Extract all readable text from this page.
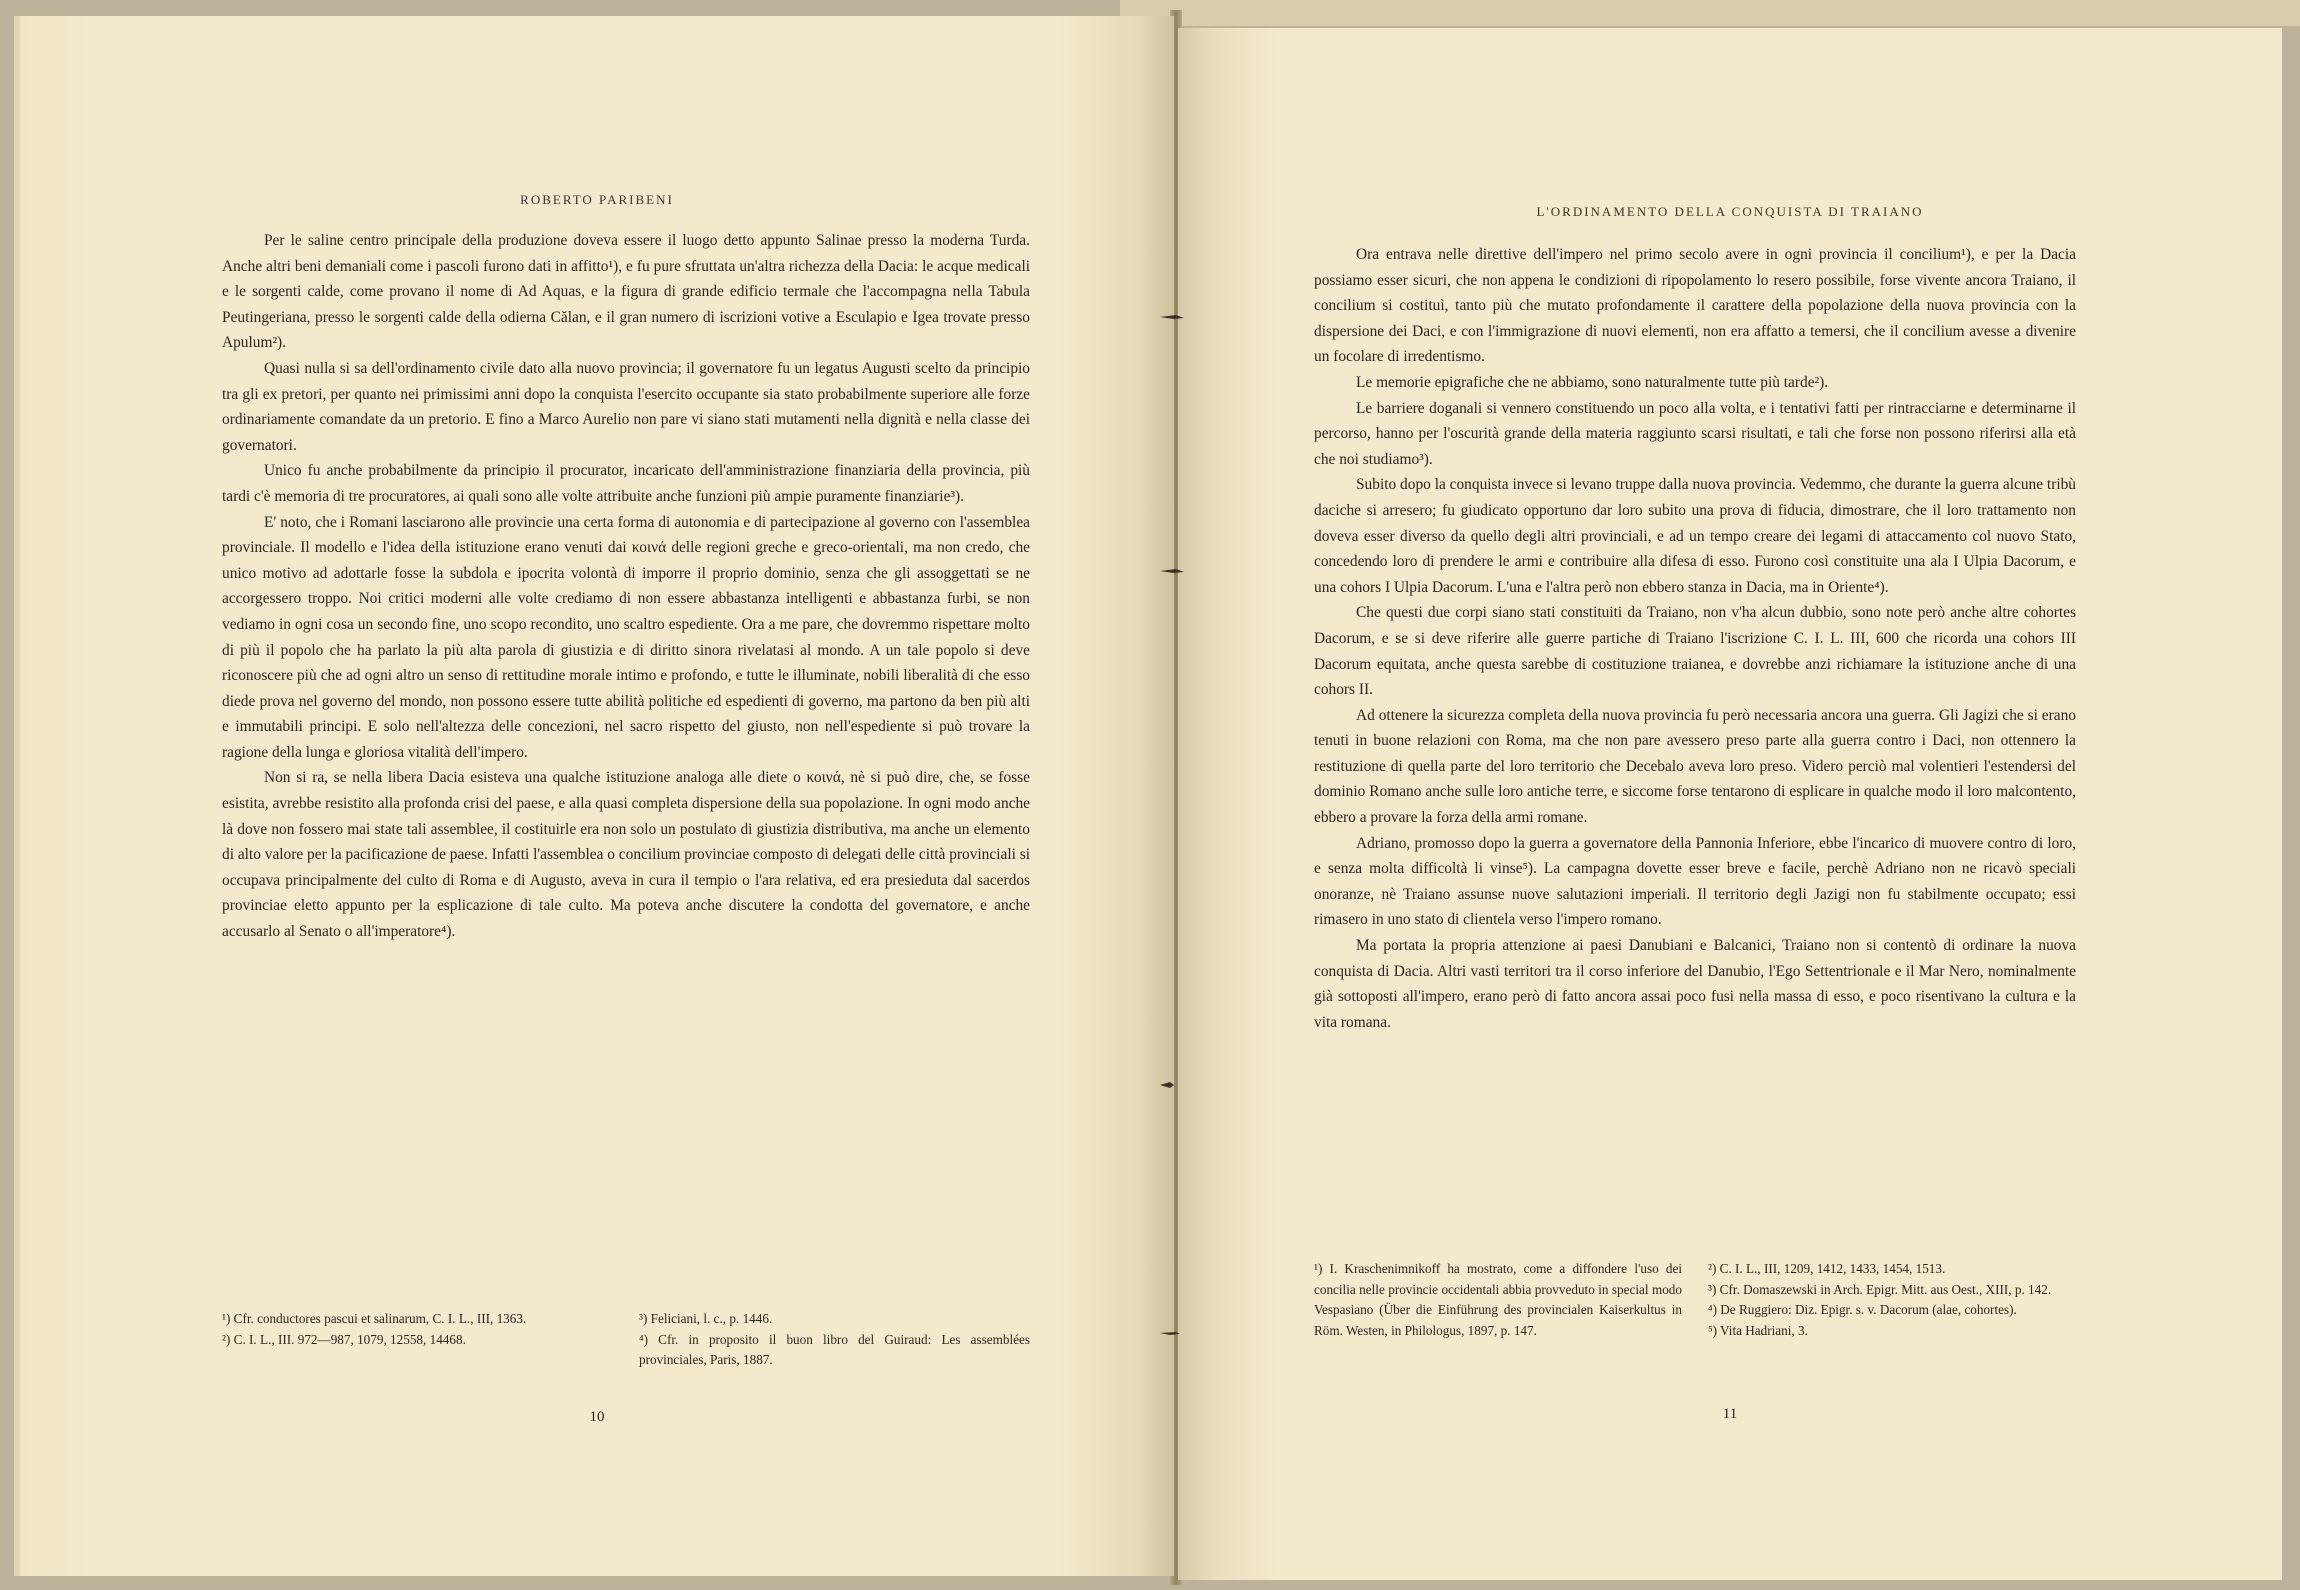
ROBERTO PARIBENI

Per le saline centro principale della produzione doveva essere il luogo detto appunto Salinae presso la moderna Turda. Anche altri beni demaniali come i pascoli furono dati in affitto¹), e fu pure sfruttata un'altra richezza della Dacia: le acque medicali e le sorgenti calde, come provano il nome di Ad Aquas, e la figura di grande edificio termale che l'accompagna nella Tabula Peutingeriana, presso le sorgenti calde della odierna Călan, e il gran numero di iscrizioni votive a Esculapio e Igea trovate presso Apulum²).

Quasi nulla si sa dell'ordinamento civile dato alla nuovo provincia; il governatore fu un legatus Augusti scelto da principio tra gli ex pretori, per quanto nei primissimi anni dopo la conquista l'esercito occupante sia stato probabilmente superiore alle forze ordinariamente comandate da un pretorio. E fino a Marco Aurelio non pare vi siano stati mutamenti nella dignità e nella classe dei governatori.

Unico fu anche probabilmente da principio il procurator, incaricato dell'amministrazione finanziaria della provincia, più tardi c'è memoria di tre procuratores, ai quali sono alle volte attribuite anche funzioni più ampie puramente finanziarie³).

E' noto, che i Romani lasciarono alle provincie una certa forma di autonomia e di partecipazione al governo con l'assemblea provinciale. Il modello e l'idea della istituzione erano venuti dai κοινά delle regioni greche e greco-orientali, ma non credo, che unico motivo ad adottarle fosse la subdola e ipocrita volontà di imporre il proprio dominio, senza che gli assoggettati se ne accorgessero troppo. Noi critici moderni alle volte crediamo di non essere abbastanza intelligenti e abbastanza furbi, se non vediamo in ogni cosa un secondo fine, uno scopo recondito, uno scaltro espediente. Ora a me pare, che dovremmo rispettare molto di più il popolo che ha parlato la più alta parola di giustizia e di diritto sinora rivelatasi al mondo. A un tale popolo si deve riconoscere più che ad ogni altro un senso di rettitudine morale intimo e profondo, e tutte le illuminate, nobili liberalità di che esso diede prova nel governo del mondo, non possono essere tutte abilità politiche ed espedienti di governo, ma partono da ben più alti e immutabili principi. E solo nell'altezza delle concezioni, nel sacro rispetto del giusto, non nell'espediente si può trovare la ragione della lunga e gloriosa vitalità dell'impero.

Non si ra, se nella libera Dacia esisteva una qualche istituzione analoga alle diete o κοινά, nè si può dire, che, se fosse esistita, avrebbe resistito alla profonda crisi del paese, e alla quasi completa dispersione della sua popolazione. In ogni modo anche là dove non fossero mai state tali assemblee, il costituirle era non solo un postulato di giustizia distributiva, ma anche un elemento di alto valore per la pacificazione de paese. Infatti l'assemblea o concilium provinciae composto di delegati delle città provinciali si occupava principalmente del culto di Roma e di Augusto, aveva in cura il tempio o l'ara relativa, ed era presieduta dal sacerdos provinciae eletto appunto per la esplicazione di tale culto. Ma poteva anche discutere la condotta del governatore, e anche accusarlo al Senato o all'imperatore⁴).

¹) Cfr. conductores pascui et salinarum, C. I. L., III, 1363.

²) C. I. L., III. 972—987, 1079, 12558, 14468.

³) Feliciani, l. c., p. 1446.

⁴) Cfr. in proposito il buon libro del Guiraud: Les assemblées provinciales, Paris, 1887.

10
L'ORDINAMENTO DELLA CONQUISTA DI TRAIANO

Ora entrava nelle direttive dell'impero nel primo secolo avere in ogni provincia il concilium¹), e per la Dacia possiamo esser sicuri, che non appena le condizioni di ripopolamento lo resero possibile, forse vivente ancora Traiano, il concilium si costituì, tanto più che mutato profondamente il carattere della popolazione della nuova provincia con la dispersione dei Daci, e con l'immigrazione di nuovi elementi, non era affatto a temersi, che il concilium avesse a divenire un focolare di irredentismo.

Le memorie epigrafiche che ne abbiamo, sono naturalmente tutte più tarde²).

Le barriere doganali si vennero constituendo un poco alla volta, e i tentativi fatti per rintracciarne e determinarne il percorso, hanno per l'oscurità grande della materia raggiunto scarsi risultati, e tali che forse non possono riferirsi alla età che noi studiamo³).

Subito dopo la conquista invece si levano truppe dalla nuova provincia. Vedemmo, che durante la guerra alcune tribù daciche si arresero; fu giudicato opportuno dar loro subito una prova di fiducia, dimostrare, che il loro trattamento non doveva esser diverso da quello degli altri provinciali, e ad un tempo creare dei legami di attaccamento col nuovo Stato, concedendo loro di prendere le armi e contribuire alla difesa di esso. Furono così constituite una ala I Ulpia Dacorum, e una cohors I Ulpia Dacorum. L'una e l'altra però non ebbero stanza in Dacia, ma in Oriente⁴).

Che questi due corpi siano stati constituiti da Traiano, non v'ha alcun dubbio, sono note però anche altre cohortes Dacorum, e se si deve riferire alle guerre partiche di Traiano l'iscrizione C. I. L. III, 600 che ricorda una cohors III Dacorum equitata, anche questa sarebbe di costituzione traianea, e dovrebbe anzi richiamare la istituzione anche di una cohors II.

Ad ottenere la sicurezza completa della nuova provincia fu però necessaria ancora una guerra. Gli Jagizi che si erano tenuti in buone relazioni con Roma, ma che non pare avessero preso parte alla guerra contro i Daci, non ottennero la restituzione di quella parte del loro territorio che Decebalo aveva loro preso. Videro perciò mal volentieri l'estendersi del dominio Romano anche sulle loro antiche terre, e siccome forse tentarono di esplicare in qualche modo il loro malcontento, ebbero a provare la forza della armi romane.

Adriano, promosso dopo la guerra a governatore della Pannonia Inferiore, ebbe l'incarico di muovere contro di loro, e senza molta difficoltà li vinse⁵). La campagna dovette esser breve e facile, perchè Adriano non ne ricavò speciali onoranze, nè Traiano assunse nuove salutazioni imperiali. Il territorio degli Jazigi non fu stabilmente occupato; essi rimasero in uno stato di clientela verso l'impero romano.

Ma portata la propria attenzione ai paesi Danubiani e Balcanici, Traiano non si contentò di ordinare la nuova conquista di Dacia. Altri vasti territori tra il corso inferiore del Danubio, l'Ego Settentrionale e il Mar Nero, nominalmente già sottoposti all'impero, erano però di fatto ancora assai poco fusi nella massa di esso, e poco risentivano la cultura e la vita romana.

¹) I. Kraschenimnikoff ha mostrato, come a diffondere l'uso dei concilia nelle provincie occidentali abbia provveduto in special modo Vespasiano (Über die Einführung des provincialen Kaiserkultus in Röm. Westen, in Philologus, 1897, p. 147.

²) C. I. L., III, 1209, 1412, 1433, 1454, 1513.

³) Cfr. Domaszewski in Arch. Epigr. Mitt. aus Oest., XIII, p. 142.

⁴) De Ruggiero: Diz. Epigr. s. v. Dacorum (alae, cohortes).

⁵) Vita Hadriani, 3.

11
